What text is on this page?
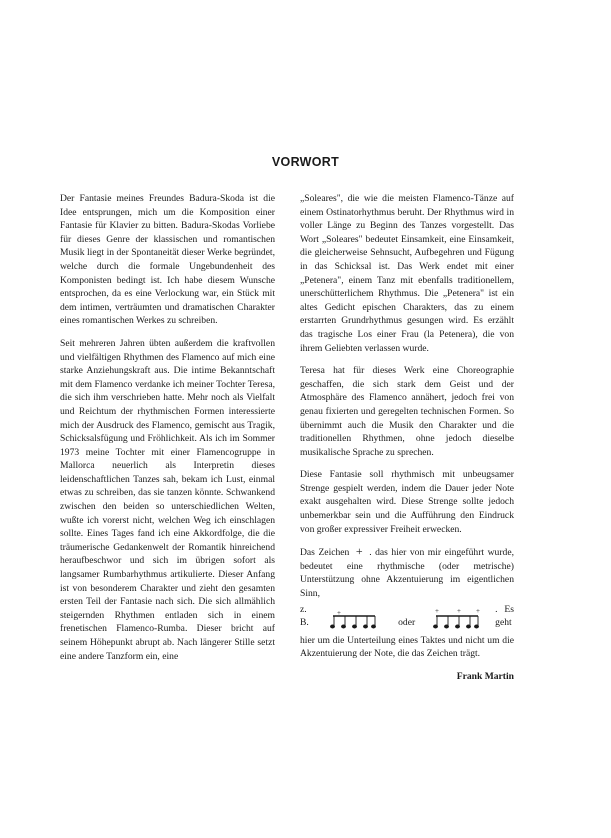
VORWORT

Der Fantasie meines Freundes Badura-Skoda ist die Idee entsprungen, mich um die Komposition einer Fantasie für Klavier zu bitten. Badura-Skodas Vorliebe für dieses Genre der klassischen und romantischen Musik liegt in der Spontaneität dieser Werke begründet, welche durch die formale Ungebundenheit des Komponisten bedingt ist. Ich habe diesem Wunsche entsprochen, da es eine Verlockung war, ein Stück mit dem intimen, verträumten und dramatischen Charakter eines romantischen Werkes zu schreiben.

Seit mehreren Jahren übten außerdem die kraftvollen und vielfältigen Rhythmen des Flamenco auf mich eine starke Anziehungskraft aus. Die intime Bekanntschaft mit dem Flamenco verdanke ich meiner Tochter Teresa, die sich ihm verschrieben hatte. Mehr noch als Vielfalt und Reichtum der rhythmischen Formen interessierte mich der Ausdruck des Flamenco, gemischt aus Tragik, Schicksalsfügung und Fröhlichkeit. Als ich im Sommer 1973 meine Tochter mit einer Flamencogruppe in Mallorca neuerlich als Interpretin dieses leidenschaftlichen Tanzes sah, bekam ich Lust, einmal etwas zu schreiben, das sie tanzen könnte. Schwankend zwischen den beiden so unterschiedlichen Welten, wußte ich vorerst nicht, welchen Weg ich einschlagen sollte. Eines Tages fand ich eine Akkordfolge, die die träumerische Gedankenwelt der Romantik hinreichend heraufbeschwor und sich im übrigen sofort als langsamer Rumbarhythmus artikulierte. Dieser Anfang ist von besonderem Charakter und zieht den gesamten ersten Teil der Fantasie nach sich. Die sich allmählich steigernden Rhythmen entladen sich in einem frenetischen Flamenco-Rumba. Dieser bricht auf seinem Höhepunkt abrupt ab. Nach längerer Stille setzt eine andere Tanzform ein, eine

„Soleares", die wie die meisten Flamenco-Tänze auf einem Ostinatorhythmus beruht. Der Rhythmus wird in voller Länge zu Beginn des Tanzes vorgestellt. Das Wort „Soleares" bedeutet Einsamkeit, eine Einsamkeit, die gleicherweise Sehnsucht, Aufbegehren und Fügung in das Schicksal ist. Das Werk endet mit einer „Petenera", einem Tanz mit ebenfalls traditionellem, unerschütterlichem Rhythmus. Die „Petenera" ist ein altes Gedicht epischen Charakters, das zu einem erstarrten Grundrhythmus gesungen wird. Es erzählt das tragische Los einer Frau (la Petenera), die von ihrem Geliebten verlassen wurde.

Teresa hat für dieses Werk eine Choreographie geschaffen, die sich stark dem Geist und der Atmosphäre des Flamenco annähert, jedoch frei von genau fixierten und geregelten technischen Formen. So übernimmt auch die Musik den Charakter und die traditionellen Rhythmen, ohne jedoch dieselbe musikalische Sprache zu sprechen.

Diese Fantasie soll rhythmisch mit unbeugsamer Strenge gespielt werden, indem die Dauer jeder Note exakt ausgehalten wird. Diese Strenge sollte jedoch unbemerkbar sein und die Aufführung den Eindruck von großer expressiver Freiheit erwecken.

Das Zeichen + . das hier von mir eingeführt wurde, bedeutet eine rhythmische (oder metrische) Unterstützung ohne Akzentuierung im eigentlichen Sinn,

z. B.
+
oder
+	+ + . Es geht

hier um die Unterteilung eines Taktes und nicht um die Akzentuierung der Note, die das Zeichen trägt.

Frank Martin
